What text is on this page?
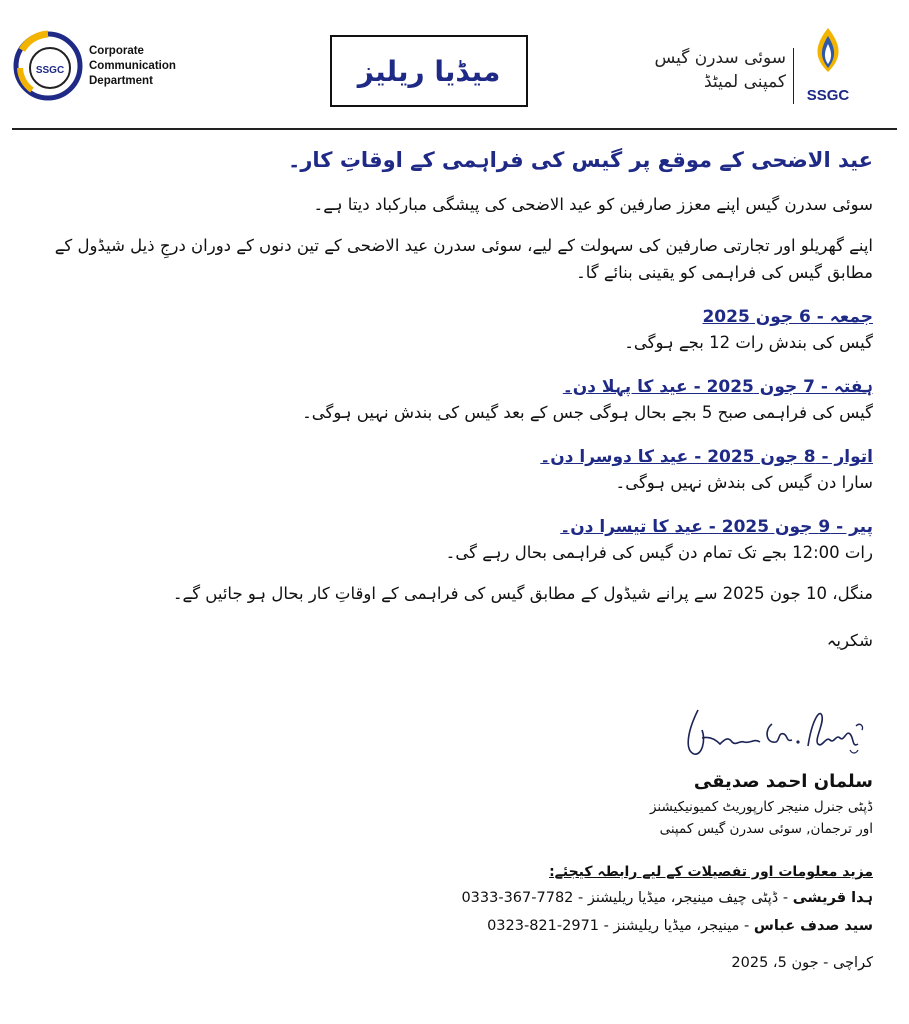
SSGC
Corporate
Communication
Department	میڈیا ریلیز	سوئی سدرن گیس
کمپنی لمیٹڈ
SSGC

عید الاضحی کے موقع پر گیس کی فراہمی کے اوقاتِ کار۔

سوئی سدرن گیس اپنے معزز صارفین کو عید الاضحی کی پیشگی مبارکباد دیتا ہے۔

اپنے گھریلو اور تجارتی صارفین کی سہولت کے لیے، سوئی سدرن عید الاضحی کے تین دنوں کے دوران درجِ ذیل شیڈول کے مطابق گیس کی فراہمی کو یقینی بنائے گا۔

جمعہ - 6 جون 2025

گیس کی بندش رات 12 بجے ہوگی۔

ہفتہ - 7 جون 2025 - عید کا پہلا دن۔

گیس کی فراہمی صبح 5 بجے بحال ہوگی جس کے بعد گیس کی بندش نہیں ہوگی۔

اتوار - 8 جون 2025 - عید کا دوسرا دن۔

سارا دن گیس کی بندش نہیں ہوگی۔

پیر - 9 جون 2025 - عید کا تیسرا دن۔

رات 12:00 بجے تک تمام دن گیس کی فراہمی بحال رہے گی۔

منگل، 10 جون 2025 سے پرانے شیڈول کے مطابق گیس کی فراہمی کے اوقاتِ کار بحال ہو جائیں گے۔

شکریہ

سلمان احمد صدیقی
ڈپٹی جنرل منیجر کارپوریٹ کمیونیکیشنز
اور ترجمان, سوئی سدرن گیس کمپنی
مزید معلومات اور تفصیلات کے لیے رابطہ کیجئے:
ہدا قریشی - ڈپٹی چیف مینیجر، میڈیا ریلیشنز - 0333-367-7782
سید صدف عباس - مینیجر، میڈیا ریلیشنز - 0323-821-2971
کراچی - جون 5، 2025
